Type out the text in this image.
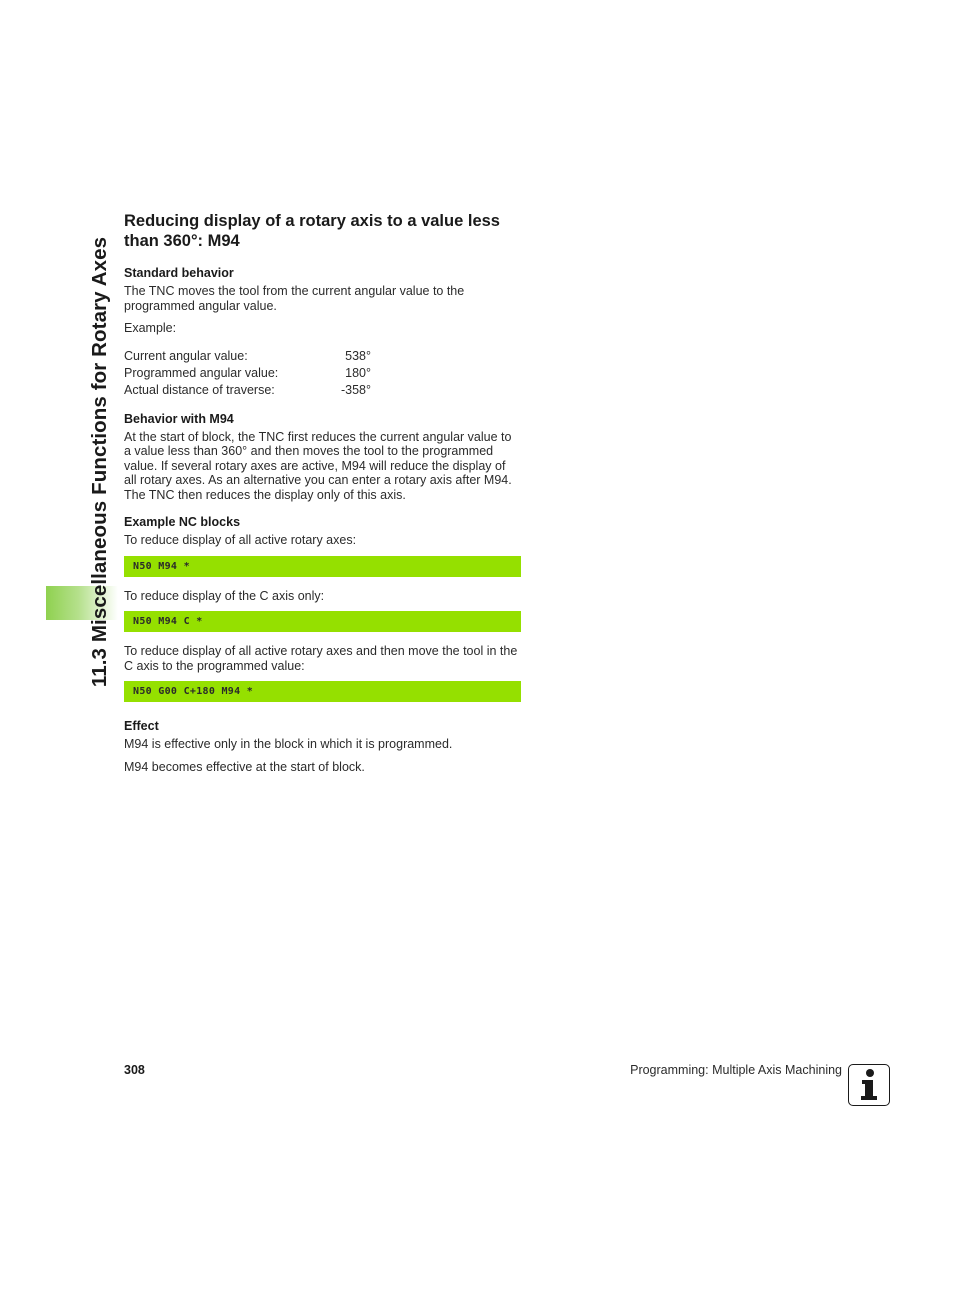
11.3 Miscellaneous Functions for Rotary Axes
Reducing display of a rotary axis to a value less than 360°: M94
Standard behavior

The TNC moves the tool from the current angular value to the programmed angular value.

Example:

Current angular value:	538°
Programmed angular value:	180°
Actual distance of traverse:	-358°
Behavior with M94

At the start of block, the TNC first reduces the current angular value to a value less than 360° and then moves the tool to the programmed value. If several rotary axes are active, M94 will reduce the display of all rotary axes. As an alternative you can enter a rotary axis after M94. The TNC then reduces the display only of this axis.

Example NC blocks

To reduce display of all active rotary axes:

N50 M94 *

To reduce display of the C axis only:

N50 M94 C *

To reduce display of all active rotary axes and then move the tool in the C axis to the programmed value:

N50 G00 C+180 M94 *
Effect

M94 is effective only in the block in which it is programmed.

M94 becomes effective at the start of block.

308	Programming: Multiple Axis Machining
